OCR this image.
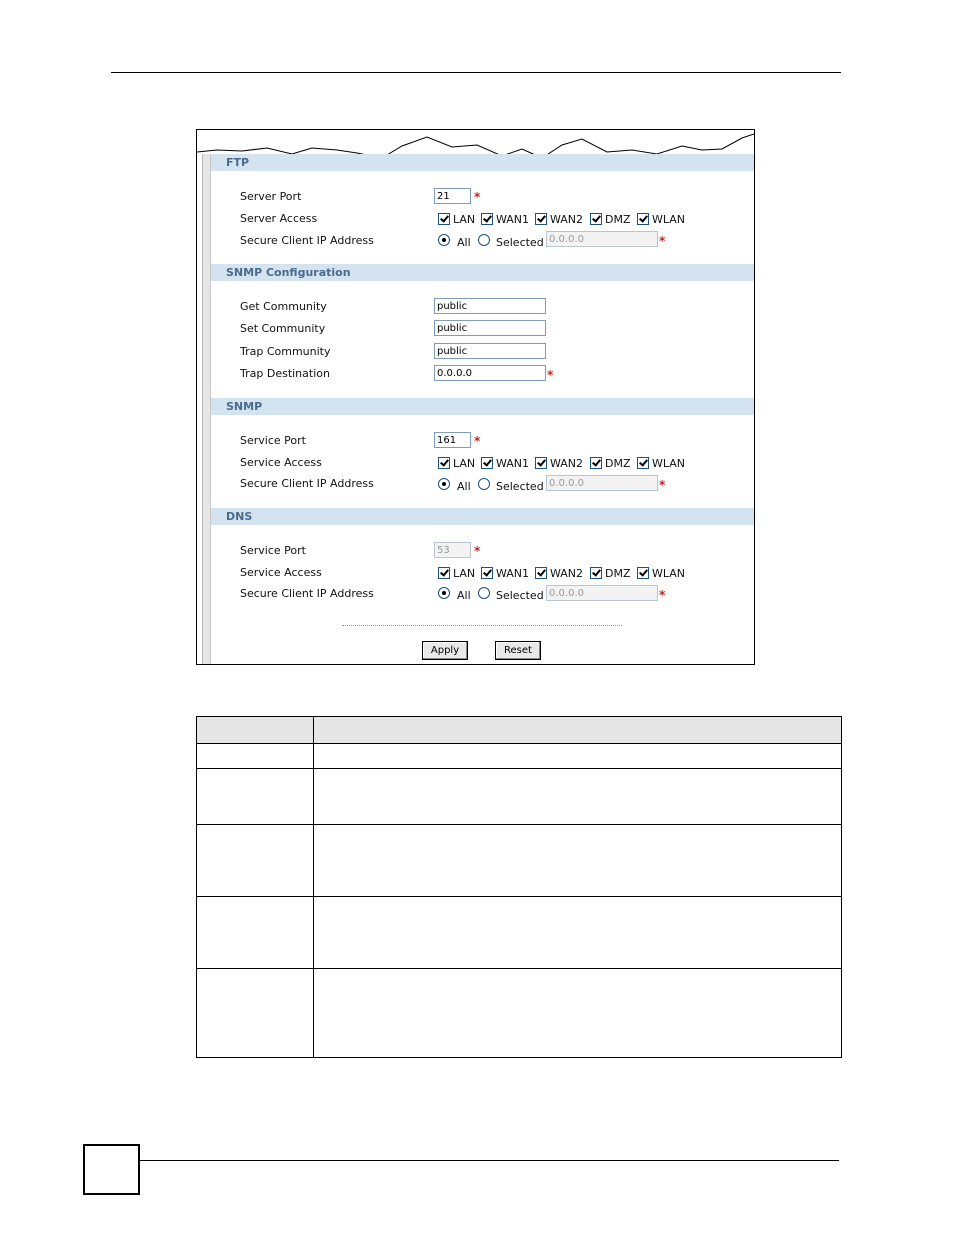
FTP
Server Port	21	*
Server Access	LAN WAN1 WAN2 DMZ WLAN
Secure Client IP Address	All Selected 0.0.0.0	*
SNMP Configuration
Get Community	public
Set Community	public
Trap Community	public
Trap Destination	0.0.0.0	*
SNMP
Service Port	161	*
Service Access	LAN WAN1 WAN2 DMZ WLAN
Secure Client IP Address	All Selected 0.0.0.0	*
DNS
Service Port	53	*
Service Access	LAN WAN1 WAN2 DMZ WLAN
Secure Client IP Address	All Selected 0.0.0.0	*
Apply	Reset
